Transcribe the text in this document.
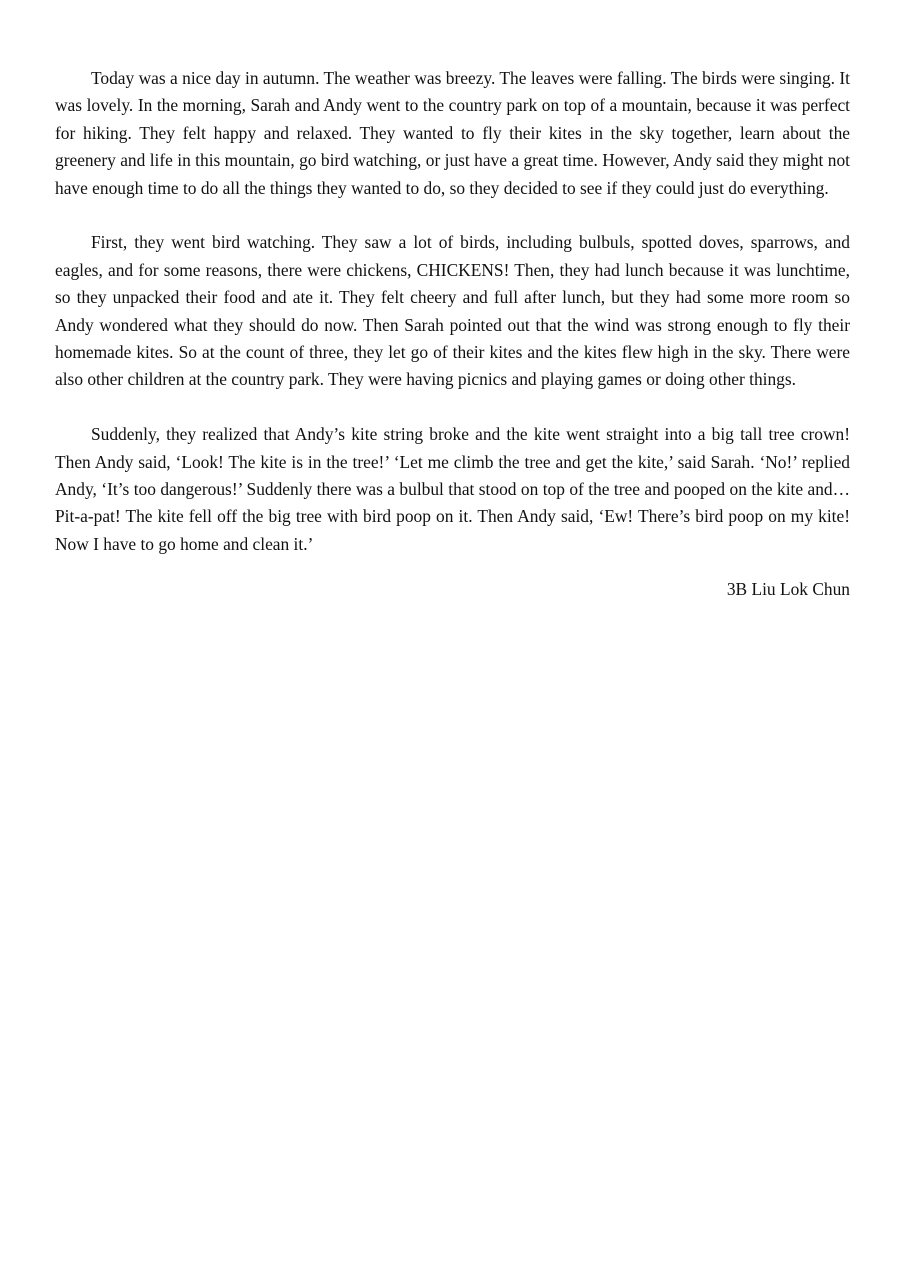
Today was a nice day in autumn. The weather was breezy. The leaves were falling. The birds were singing. It was lovely. In the morning, Sarah and Andy went to the country park on top of a mountain, because it was perfect for hiking. They felt happy and relaxed. They wanted to fly their kites in the sky together, learn about the greenery and life in this mountain, go bird watching, or just have a great time. However, Andy said they might not have enough time to do all the things they wanted to do, so they decided to see if they could just do everything.

First, they went bird watching. They saw a lot of birds, including bulbuls, spotted doves, sparrows, and eagles, and for some reasons, there were chickens, CHICKENS! Then, they had lunch because it was lunchtime, so they unpacked their food and ate it. They felt cheery and full after lunch, but they had some more room so Andy wondered what they should do now. Then Sarah pointed out that the wind was strong enough to fly their homemade kites. So at the count of three, they let go of their kites and the kites flew high in the sky. There were also other children at the country park. They were having picnics and playing games or doing other things.

Suddenly, they realized that Andy’s kite string broke and the kite went straight into a big tall tree crown! Then Andy said, ‘Look! The kite is in the tree!’ ‘Let me climb the tree and get the kite,’ said Sarah. ‘No!’ replied Andy, ‘It’s too dangerous!’ Suddenly there was a bulbul that stood on top of the tree and pooped on the kite and…Pit-a-pat! The kite fell off the big tree with bird poop on it. Then Andy said, ‘Ew! There’s bird poop on my kite! Now I have to go home and clean it.’

3B Liu Lok Chun
